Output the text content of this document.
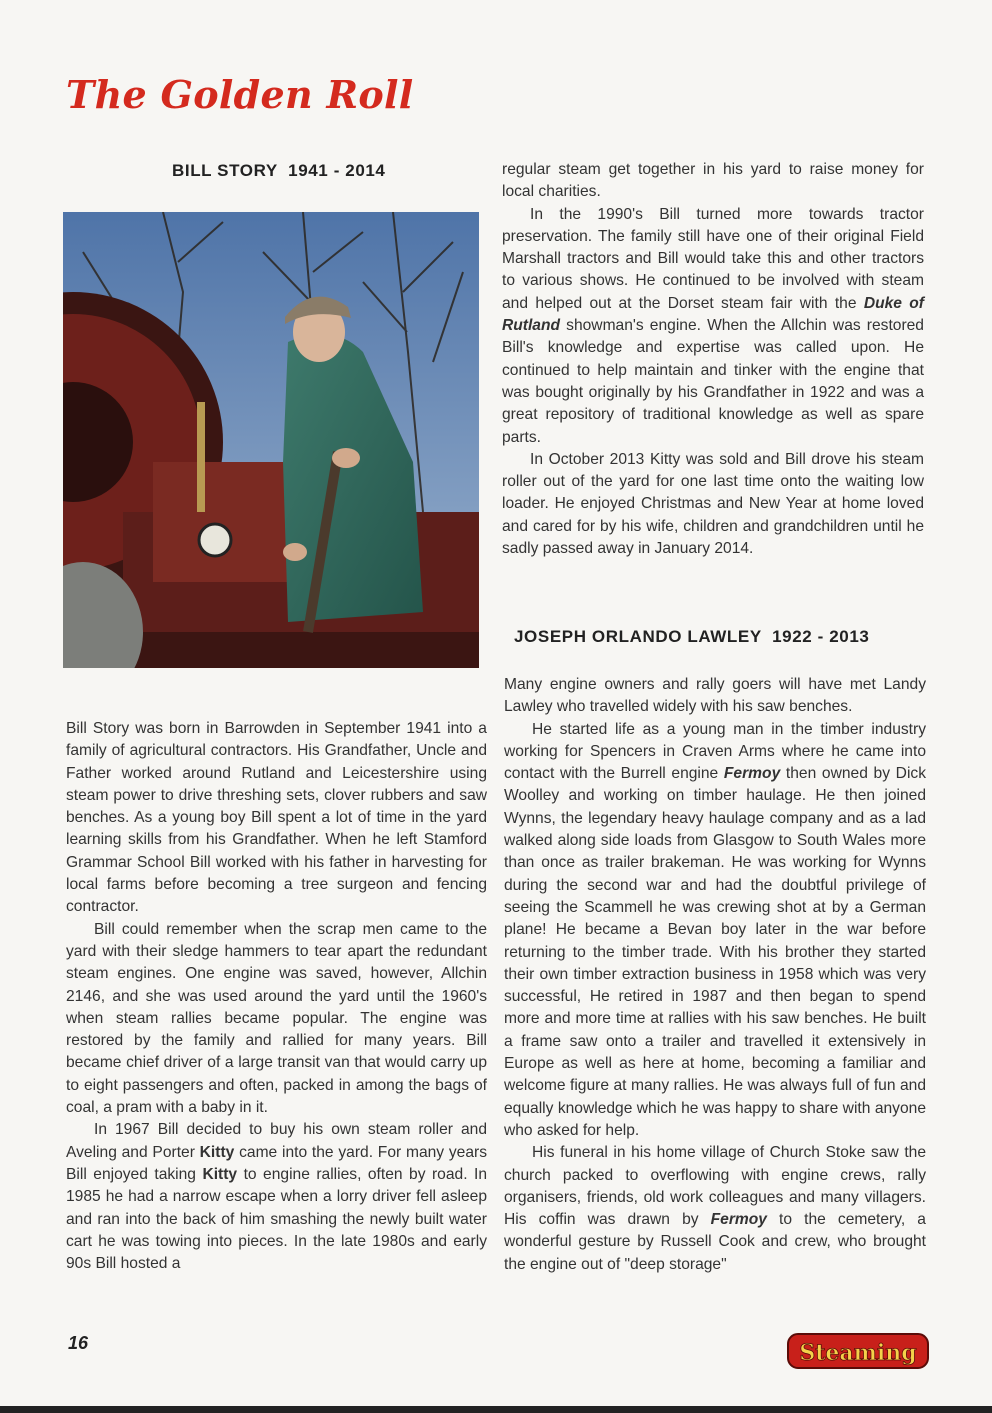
The Golden Roll
BILL STORY  1941 - 2014

Bill Story was born in Barrowden in September 1941 into a family of agricultural contractors. His Grandfather, Uncle and Father worked around Rutland and Leicestershire using steam power to drive threshing sets, clover rubbers and saw benches. As a young boy Bill spent a lot of time in the yard learning skills from his Grandfather. When he left Stamford Grammar School Bill worked with his father in harvesting for local farms before becoming a tree surgeon and fencing contractor.

Bill could remember when the scrap men came to the yard with their sledge hammers to tear apart the redundant steam engines. One engine was saved, however, Allchin 2146, and she was used around the yard until the 1960's when steam rallies became popular. The engine was restored by the family and rallied for many years. Bill became chief driver of a large transit van that would carry up to eight passengers and often, packed in among the bags of coal, a pram with a baby in it.

In 1967 Bill decided to buy his own steam roller and Aveling and Porter Kitty came into the yard. For many years Bill enjoyed taking Kitty to engine rallies, often by road. In 1985 he had a narrow escape when a lorry driver fell asleep and ran into the back of him smashing the newly built water cart he was towing into pieces. In the late 1980s and early 90s Bill hosted a

regular steam get together in his yard to raise money for local charities.

In the 1990's Bill turned more towards tractor preservation. The family still have one of their original Field Marshall tractors and Bill would take this and other tractors to various shows. He continued to be involved with steam and helped out at the Dorset steam fair with the Duke of Rutland showman's engine. When the Allchin was restored Bill's knowledge and expertise was called upon. He continued to help maintain and tinker with the engine that was bought originally by his Grandfather in 1922 and was a great repository of traditional knowledge as well as spare parts.

In October 2013 Kitty was sold and Bill drove his steam roller out of the yard for one last time onto the waiting low loader. He enjoyed Christmas and New Year at home loved and cared for by his wife, children and grandchildren until he sadly passed away in January 2014.

JOSEPH ORLANDO LAWLEY  1922 - 2013

Many engine owners and rally goers will have met Landy Lawley who travelled widely with his saw benches.

He started life as a young man in the timber industry working for Spencers in Craven Arms where he came into contact with the Burrell engine Fermoy then owned by Dick Woolley and working on timber haulage. He then joined Wynns, the legendary heavy haulage company and as a lad walked along side loads from Glasgow to South Wales more than once as trailer brakeman. He was working for Wynns during the second war and had the doubtful privilege of seeing the Scammell he was crewing shot at by a German plane! He became a Bevan boy later in the war before returning to the timber trade. With his brother they started their own timber extraction business in 1958 which was very successful, He retired in 1987 and then began to spend more and more time at rallies with his saw benches. He built a frame saw onto a trailer and travelled it extensively in Europe as well as here at home, becoming a familiar and welcome figure at many rallies. He was always full of fun and equally knowledge which he was happy to share with anyone who asked for help.

His funeral in his home village of Church Stoke saw the church packed to overflowing with engine crews, rally organisers, friends, old work colleagues and many villagers. His coffin was drawn by Fermoy to the cemetery, a wonderful gesture by Russell Cook and crew, who brought the engine out of "deep storage"

16	Steaming
